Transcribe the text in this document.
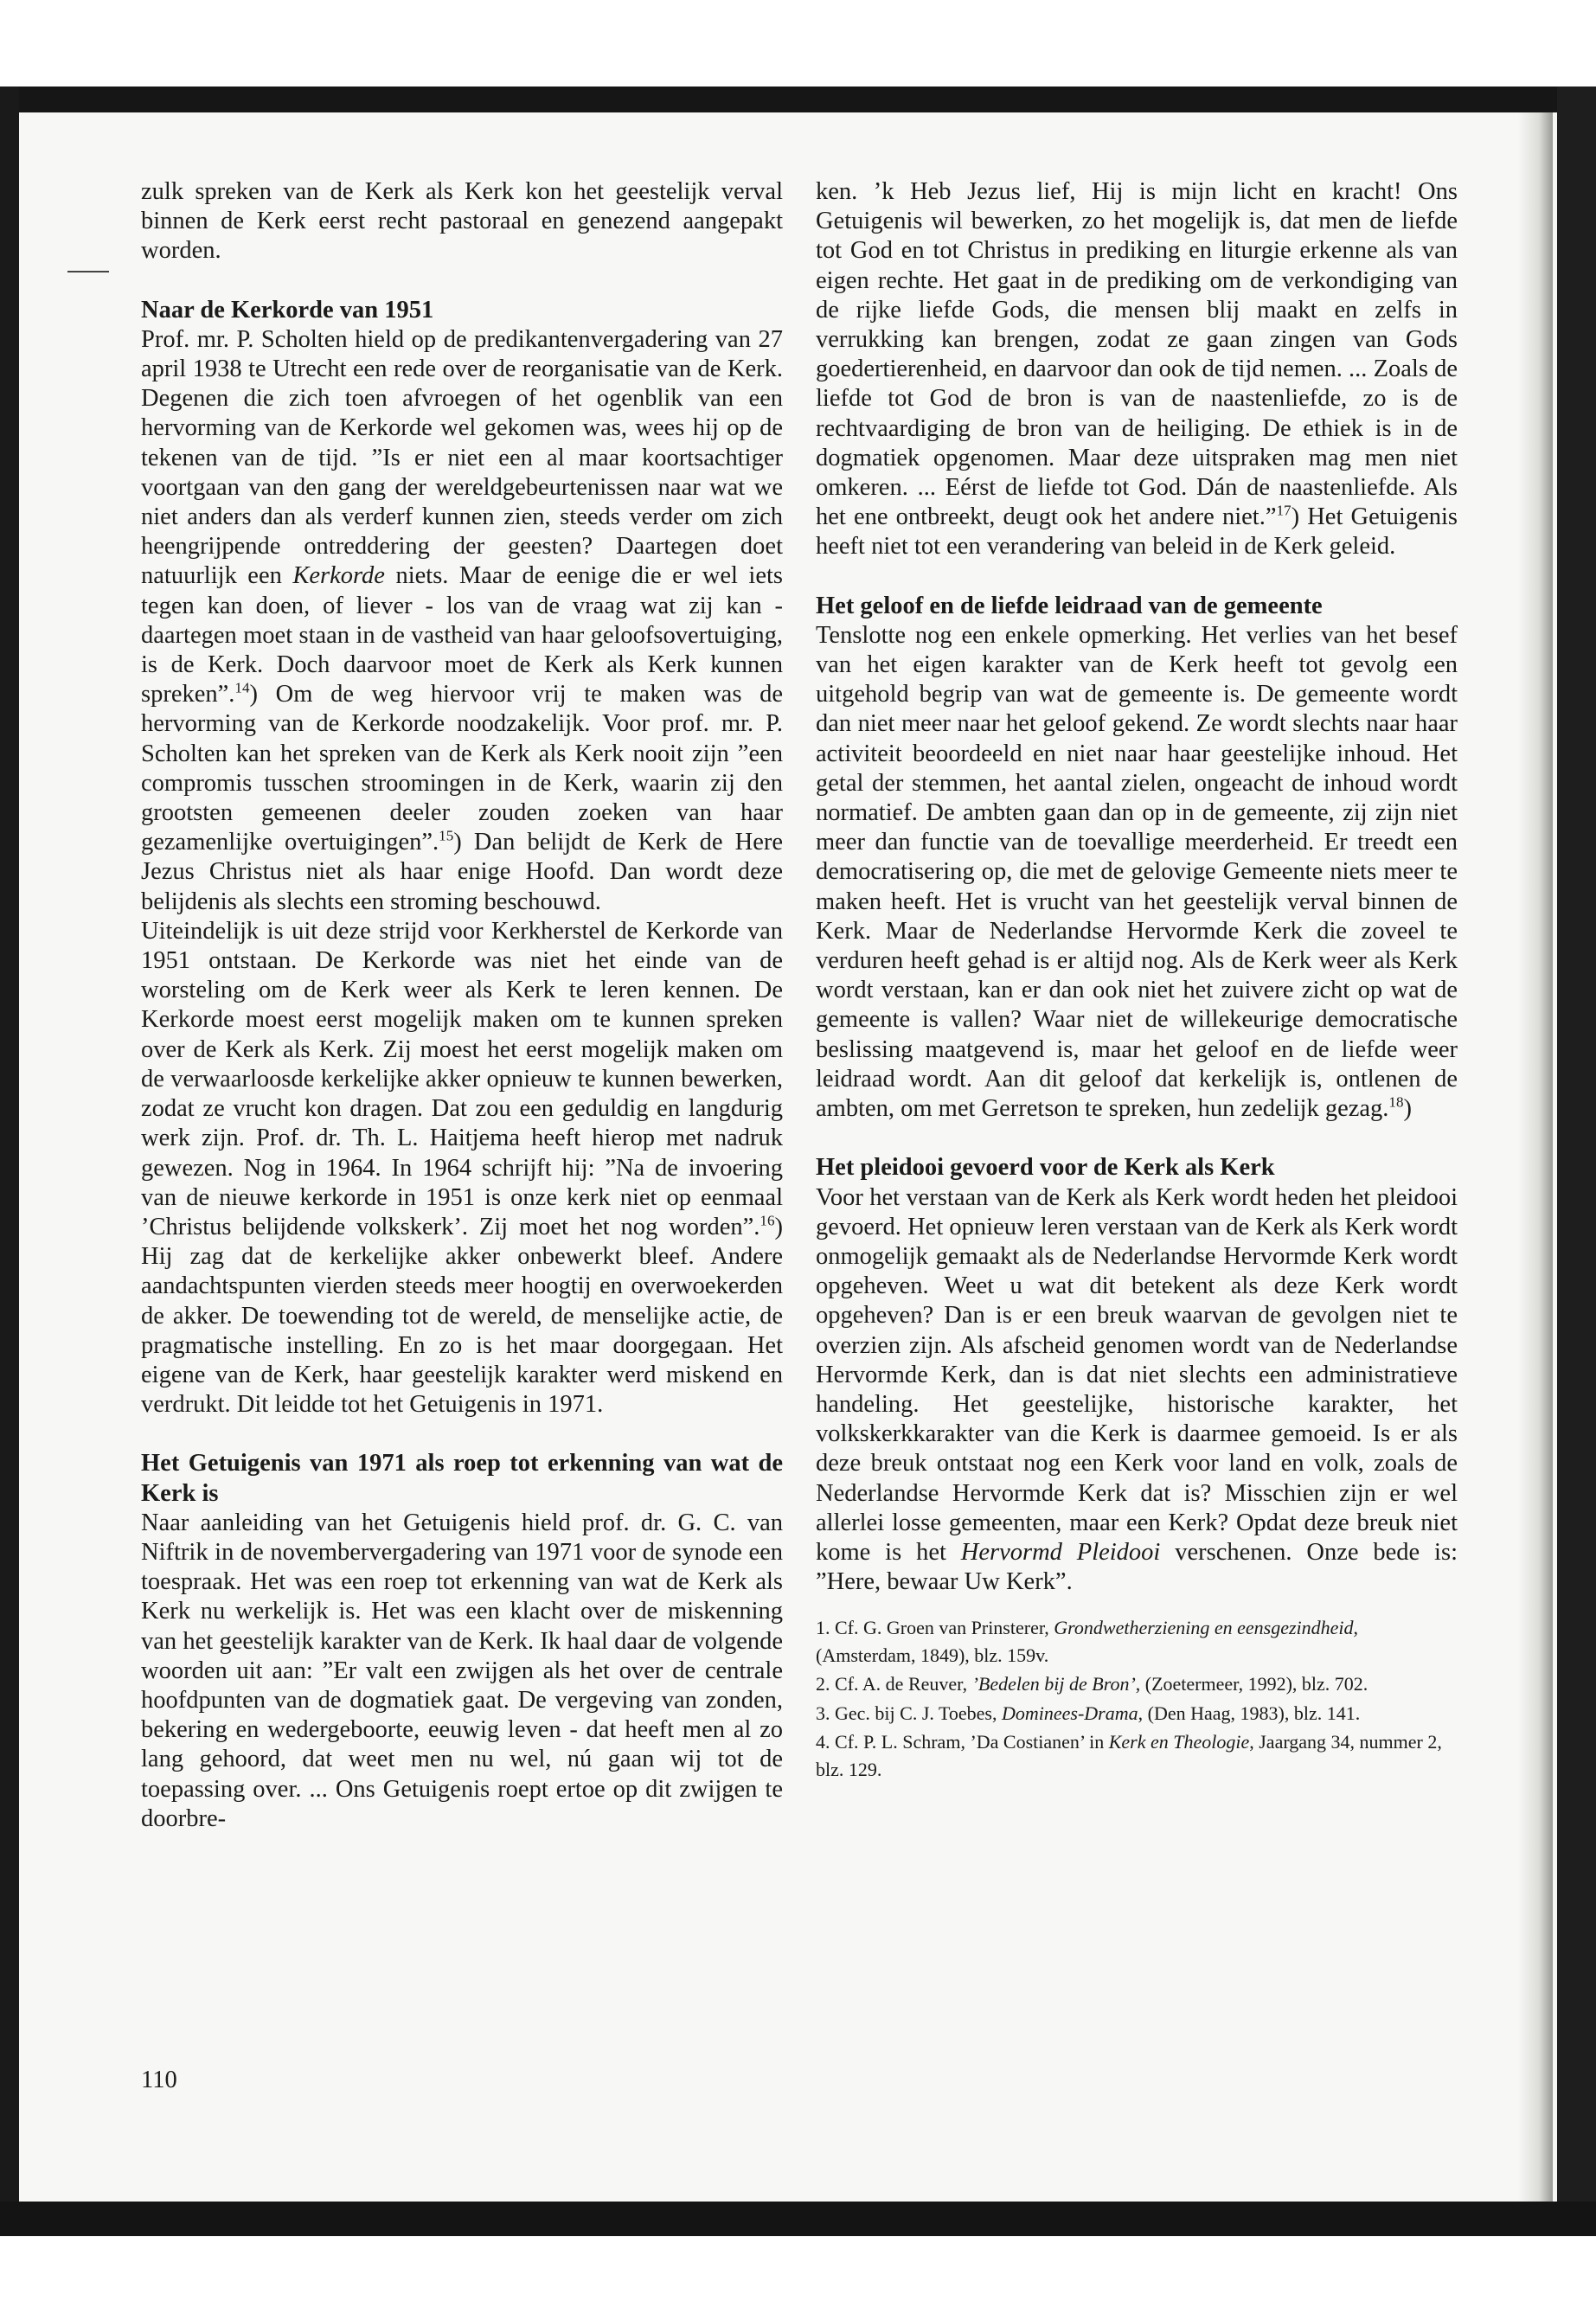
zulk spreken van de Kerk als Kerk kon het geestelijk verval binnen de Kerk eerst recht pastoraal en genezend aangepakt worden.

Naar de Kerkorde van 1951

Prof. mr. P. Scholten hield op de predikantenvergadering van 27 april 1938 te Utrecht een rede over de reorganisatie van de Kerk. Degenen die zich toen afvroegen of het ogenblik van een hervorming van de Kerkorde wel gekomen was, wees hij op de tekenen van de tijd. ”Is er niet een al maar koortsachtiger voortgaan van den gang der wereldgebeurtenissen naar wat we niet anders dan als verderf kunnen zien, steeds verder om zich heengrijpende ontreddering der geesten? Daartegen doet natuurlijk een Kerkorde niets. Maar de eenige die er wel iets tegen kan doen, of liever - los van de vraag wat zij kan - daartegen moet staan in de vastheid van haar geloofsovertuiging, is de Kerk. Doch daarvoor moet de Kerk als Kerk kunnen spreken”.$^{14}$) Om de weg hiervoor vrij te maken was de hervorming van de Kerkorde noodzakelijk. Voor prof. mr. P. Scholten kan het spreken van de Kerk als Kerk nooit zijn ”een compromis tusschen stroomingen in de Kerk, waarin zij den grootsten gemeenen deeler zouden zoeken van haar gezamenlijke overtuigingen”.$^{15}$) Dan belijdt de Kerk de Here Jezus Christus niet als haar enige Hoofd. Dan wordt deze belijdenis als slechts een stroming beschouwd.

Uiteindelijk is uit deze strijd voor Kerkherstel de Kerkorde van 1951 ontstaan. De Kerkorde was niet het einde van de worsteling om de Kerk weer als Kerk te leren kennen. De Kerkorde moest eerst mogelijk maken om te kunnen spreken over de Kerk als Kerk. Zij moest het eerst mogelijk maken om de verwaarloosde kerkelijke akker opnieuw te kunnen bewerken, zodat ze vrucht kon dragen. Dat zou een geduldig en langdurig werk zijn. Prof. dr. Th. L. Haitjema heeft hierop met nadruk gewezen. Nog in 1964. In 1964 schrijft hij: ”Na de invoering van de nieuwe kerkorde in 1951 is onze kerk niet op eenmaal ’Christus belijdende volkskerk’. Zij moet het nog worden”.$^{16}$) Hij zag dat de kerkelijke akker onbewerkt bleef. Andere aandachtspunten vierden steeds meer hoogtij en overwoekerden de akker. De toewending tot de wereld, de menselijke actie, de pragmatische instelling. En zo is het maar doorgegaan. Het eigene van de Kerk, haar geestelijk karakter werd miskend en verdrukt. Dit leidde tot het Getuigenis in 1971.

Het Getuigenis van 1971 als roep tot erkenning van wat de Kerk is

Naar aanleiding van het Getuigenis hield prof. dr. G. C. van Niftrik in de novembervergadering van 1971 voor de synode een toespraak. Het was een roep tot erkenning van wat de Kerk als Kerk nu werkelijk is. Het was een klacht over de miskenning van het geestelijk karakter van de Kerk. Ik haal daar de volgende woorden uit aan: ”Er valt een zwijgen als het over de centrale hoofdpunten van de dogmatiek gaat. De vergeving van zonden, bekering en wedergeboorte, eeuwig leven - dat heeft men al zo lang gehoord, dat weet men nu wel, nú gaan wij tot de toepassing over. ... Ons Getuigenis roept ertoe op dit zwijgen te doorbre-

110

ken. ’k Heb Jezus lief, Hij is mijn licht en kracht! Ons Getuigenis wil bewerken, zo het mogelijk is, dat men de liefde tot God en tot Christus in prediking en liturgie erkenne als van eigen rechte. Het gaat in de prediking om de verkondiging van de rijke liefde Gods, die mensen blij maakt en zelfs in verrukking kan brengen, zodat ze gaan zingen van Gods goedertierenheid, en daarvoor dan ook de tijd nemen. ... Zoals de liefde tot God de bron is van de naastenliefde, zo is de rechtvaardiging de bron van de heiliging. De ethiek is in de dogmatiek opgenomen. Maar deze uitspraken mag men niet omkeren. ... Eérst de liefde tot God. Dán de naastenliefde. Als het ene ontbreekt, deugt ook het andere niet.”$^{17}$) Het Getuigenis heeft niet tot een verandering van beleid in de Kerk geleid.

Het geloof en de liefde leidraad van de gemeente

Tenslotte nog een enkele opmerking. Het verlies van het besef van het eigen karakter van de Kerk heeft tot gevolg een uitgehold begrip van wat de gemeente is. De gemeente wordt dan niet meer naar het geloof gekend. Ze wordt slechts naar haar activiteit beoordeeld en niet naar haar geestelijke inhoud. Het getal der stemmen, het aantal zielen, ongeacht de inhoud wordt normatief. De ambten gaan dan op in de gemeente, zij zijn niet meer dan functie van de toevallige meerderheid. Er treedt een democratisering op, die met de gelovige Gemeente niets meer te maken heeft. Het is vrucht van het geestelijk verval binnen de Kerk. Maar de Nederlandse Hervormde Kerk die zoveel te verduren heeft gehad is er altijd nog. Als de Kerk weer als Kerk wordt verstaan, kan er dan ook niet het zuivere zicht op wat de gemeente is vallen? Waar niet de willekeurige democratische beslissing maatgevend is, maar het geloof en de liefde weer leidraad wordt. Aan dit geloof dat kerkelijk is, ontlenen de ambten, om met Gerretson te spreken, hun zedelijk gezag.$^{18}$)

Het pleidooi gevoerd voor de Kerk als Kerk

Voor het verstaan van de Kerk als Kerk wordt heden het pleidooi gevoerd. Het opnieuw leren verstaan van de Kerk als Kerk wordt onmogelijk gemaakt als de Nederlandse Hervormde Kerk wordt opgeheven. Weet u wat dit betekent als deze Kerk wordt opgeheven? Dan is er een breuk waarvan de gevolgen niet te overzien zijn. Als afscheid genomen wordt van de Nederlandse Hervormde Kerk, dan is dat niet slechts een administratieve handeling. Het geestelijke, historische karakter, het volkskerkkarakter van die Kerk is daarmee gemoeid. Is er als deze breuk ontstaat nog een Kerk voor land en volk, zoals de Nederlandse Hervormde Kerk dat is? Misschien zijn er wel allerlei losse gemeenten, maar een Kerk? Opdat deze breuk niet kome is het Hervormd Pleidooi verschenen. Onze bede is: ”Here, bewaar Uw Kerk”.

1. Cf. G. Groen van Prinsterer, Grondwetherziening en eensgezindheid, (Amsterdam, 1849), blz. 159v.

2. Cf. A. de Reuver, ’Bedelen bij de Bron’, (Zoetermeer, 1992), blz. 702.

3. Gec. bij C. J. Toebes, Dominees-Drama, (Den Haag, 1983), blz. 141.

4. Cf. P. L. Schram, ’Da Costianen’ in Kerk en Theologie, Jaargang 34, nummer 2, blz. 129.
